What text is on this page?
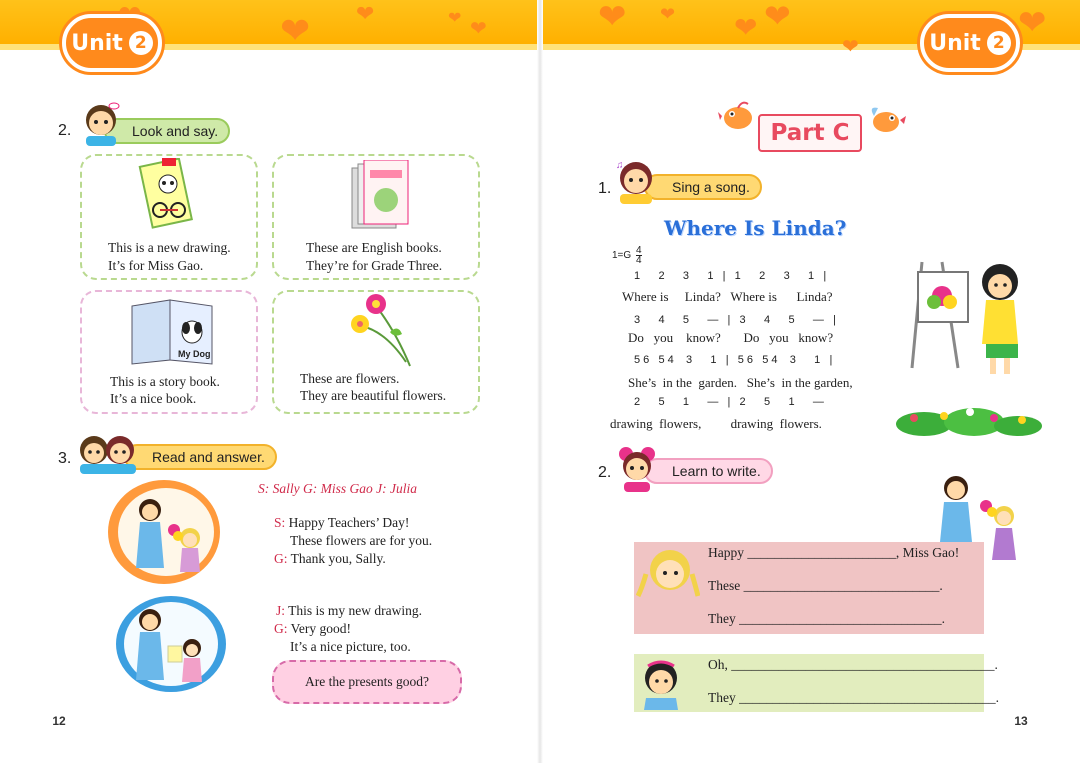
❤ ❤	❤ ❤	❤ ❤ ❤ ❤
❤
❤
Unit 2	Unit 2
2.	Look and say.
This is a new drawing.
It’s for Miss Gao.
These are English books.
They’re for Grade Three.
My Dog
This is a story book.
It’s a nice book.
These are flowers.
They are beautiful flowers.
3.	Read and answer.
S: Sally G: Miss Gao J: Julia
S: Happy Teachers’ Day!
These flowers are for you.
G: Thank you, Sally.
J: This is my new drawing.
G: Very good!
It’s a nice picture, too.
Are the presents good?
♡ 12
Part C
1.	Sing a song.
♫
Where Is Linda?
$1=G \frac{4}{4}$
1      2      3      1   |   1      2      3      1   |
Where is     Linda?   Where is      Linda?
3      4      5      —   |   3      4      5      —   |
Do   you    know?       Do   you   know?
5 6   5 4    3      1   |   5 6   5 4    3      1   |
She’s  in the  garden.   She’s  in the garden,
2      5      1      —   |   2      5      1      —
drawing  flowers,         drawing  flowers.
2.	Learn to write.
Happy ______________________, Miss Gao!
These _____________________________.
They ______________________________.
Oh, _______________________________________.
They ______________________________________.
♡ 13
